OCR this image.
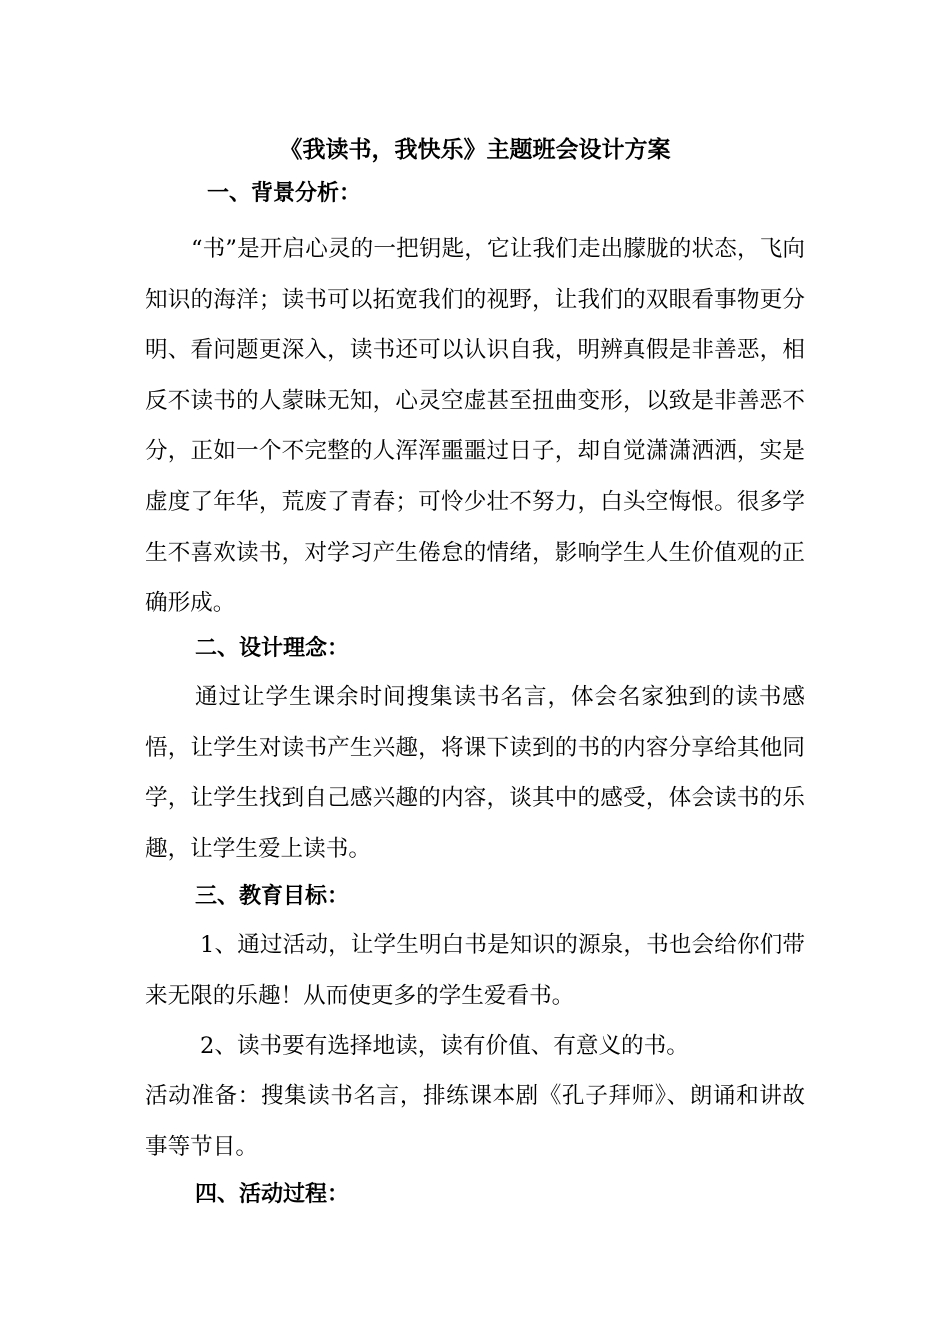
《我读书，我快乐》主题班会设计方案
一、背景分析：

“书”是开启心灵的一把钥匙，它让我们走出朦胧的状态，飞向知识的海洋；读书可以拓宽我们的视野，让我们的双眼看事物更分明、看问题更深入，读书还可以认识自我，明辨真假是非善恶，相反不读书的人蒙昧无知，心灵空虚甚至扭曲变形，以致是非善恶不分，正如一个不完整的人浑浑噩噩过日子，却自觉潇潇洒洒，实是虚度了年华，荒废了青春；可怜少壮不努力，白头空悔恨。很多学生不喜欢读书，对学习产生倦怠的情绪，影响学生人生价值观的正确形成。

二、设计理念：

通过让学生课余时间搜集读书名言，体会名家独到的读书感悟，让学生对读书产生兴趣，将课下读到的书的内容分享给其他同学，让学生找到自己感兴趣的内容，谈其中的感受，体会读书的乐趣，让学生爱上读书。

三、教育目标：

1、通过活动，让学生明白书是知识的源泉，书也会给你们带来无限的乐趣！从而使更多的学生爱看书。

2、读书要有选择地读，读有价值、有意义的书。

活动准备：搜集读书名言，排练课本剧《孔子拜师》、朗诵和讲故事等节目。

四、活动过程：
